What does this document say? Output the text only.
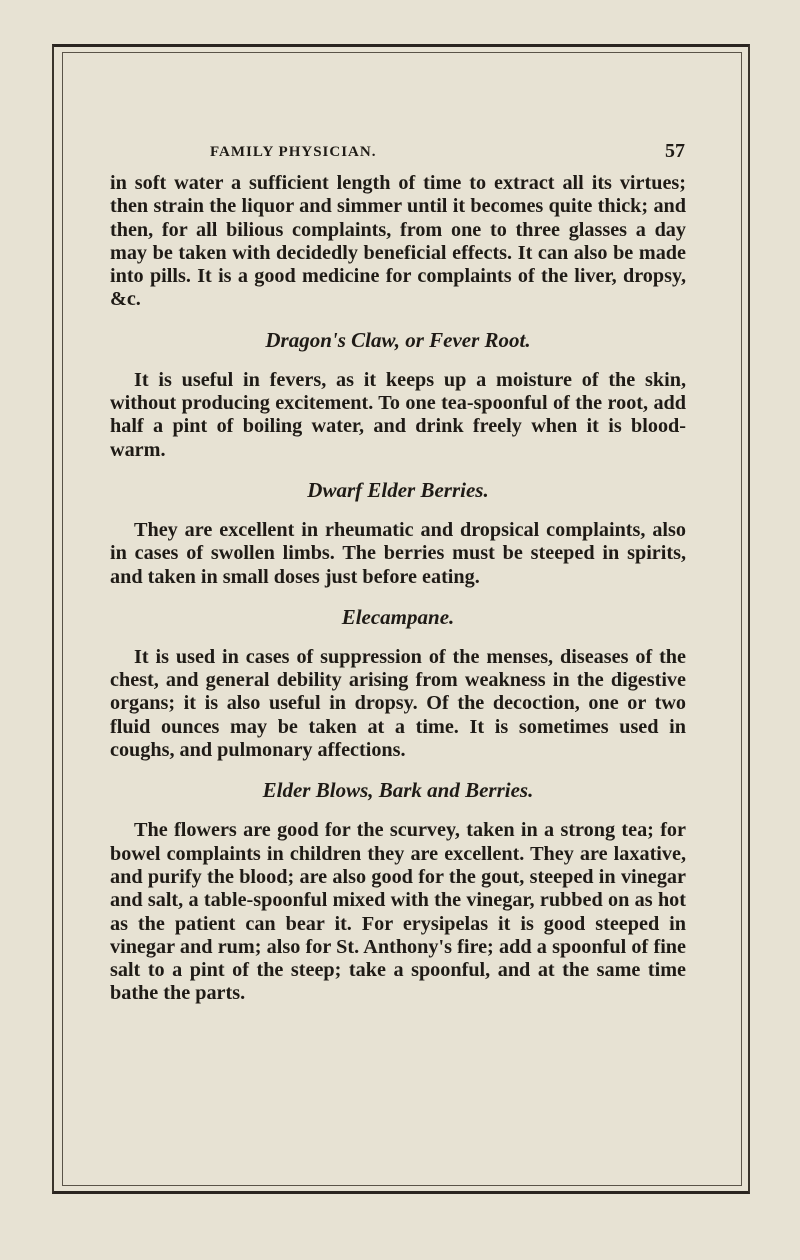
FAMILY PHYSICIAN.	57

in soft water a sufficient length of time to extract all its virtues; then strain the liquor and simmer until it becomes quite thick; and then, for all bilious complaints, from one to three glasses a day may be taken with decidedly beneficial effects. It can also be made into pills. It is a good medicine for complaints of the liver, dropsy, &c.

Dragon's Claw, or Fever Root.

It is useful in fevers, as it keeps up a moisture of the skin, without producing excitement. To one tea-spoonful of the root, add half a pint of boiling water, and drink freely when it is blood-warm.

Dwarf Elder Berries.

They are excellent in rheumatic and dropsical complaints, also in cases of swollen limbs. The berries must be steeped in spirits, and taken in small doses just before eating.

Elecampane.

It is used in cases of suppression of the menses, diseases of the chest, and general debility arising from weakness in the digestive organs; it is also useful in dropsy. Of the decoction, one or two fluid ounces may be taken at a time. It is sometimes used in coughs, and pulmonary affections.

Elder Blows, Bark and Berries.

The flowers are good for the scurvey, taken in a strong tea; for bowel complaints in children they are excellent. They are laxative, and purify the blood; are also good for the gout, steeped in vinegar and salt, a table-spoonful mixed with the vinegar, rubbed on as hot as the patient can bear it. For erysipelas it is good steeped in vinegar and rum; also for St. Anthony's fire; add a spoonful of fine salt to a pint of the steep; take a spoonful, and at the same time bathe the parts.
